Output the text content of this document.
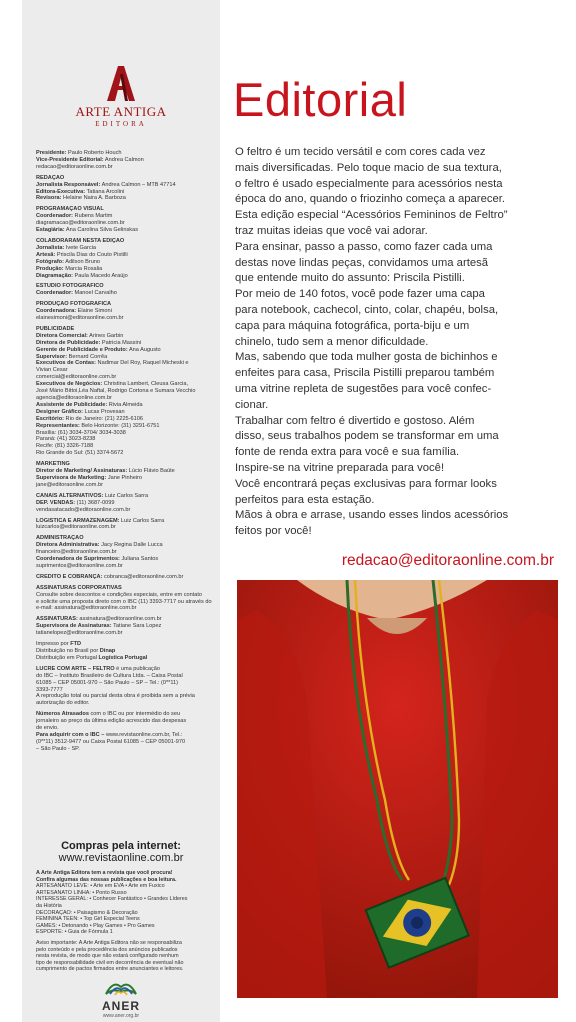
ARTE ANTIGA
EDITORA
Presidente: Paulo Roberto Houch
Vice-Presidente Editorial: Andrea Calmon
redacao@editoraonline.com.br
REDAÇÃO
Jornalista Responsável: Andrea Calmon – MTB 47714
Editora-Executiva: Tatiana Arcolini
Revisora: Helaine Naira A. Barboza
PROGRAMAÇÃO VISUAL
Coordenador: Rubens Martim
diagramacao@editoraonline.com.br
Estagiária: Ana Carolina Silva Gelinskas
COLABORARAM NESTA EDIÇÃO
Jornalista: Ivete Garcia
Artesã: Priscila Dias do Couto Pistilli
Fotógrafo: Adilson Bruno
Produção: Marcia Rosalia
Diagramação: Paula Macedo Araújo
ESTÚDIO FOTOGRÁFICO
Coordenador: Manoel Carvalho
PRODUÇÃO FOTOGRÁFICA
Coordenadora: Elaine Simoni
elainesimoni@editoraonline.com.br
PUBLICIDADE
Diretora Comercial: Arines Garbin
Diretora de Publicidade: Patricia Massini
Gerente de Publicidade e Produto: Ana Augusto
Supervisor: Bernard Corrêa
Executivos de Contas: Nadimar Del Roy, Raquel Micheski e
Vivian Cesar
comercial@editoraonline.com.br
Executivos de Negócios: Christina Lambert, Cleusa Garcia,
José Mário Bittoi,Léa Naftal, Rodrigo Cortona e Sumara Vecchio
agencia@editoraonline.com.br
Assistente de Publicidade: Rivia Almeida
Designer Gráfico: Lucas Provesan
Escritório: Rio de Janeiro: (21) 2225-6106
Representantes: Belo Horizonte: (31) 3291-6751
Brasília: (61) 3034-3704/ 3034-3038
Paraná: (41) 3023-8238
Recife: (81) 3326-7188
Rio Grande do Sul: (51) 3374-5672
MARKETING
Diretor de Marketing/ Assinaturas: Lúcio Flávio Baúte
Supervisora de Marketing: Jane Pinheiro
jane@editoraonline.com.br
CANAIS ALTERNATIVOS: Luiz Carlos Sarra
DEP. VENDAS: (11) 3687-0099
vendasatacado@editoraonline.com.br
LOGÍSTICA E ARMAZENAGEM: Luiz Carlos Sarra
luizcarlos@editoraonline.com.br
ADMINISTRAÇÃO
Diretora Administrativa: Jacy Regina Dalle Lucca
financeiro@editoraonline.com.br
Coordenadora de Suprimentos: Juliana Santos
suprimentos@editoraonline.com.br
CRÉDITO E COBRANÇA: cobranca@editoraonline.com.br
ASSINATURAS CORPORATIVAS
Consulte sobre descontos e condições especiais, entre em contato
e solicite uma proposta direto com o IBC (11) 3393-7717 ou através do
e-mail: assinatura@editoraonline.com.br
ASSINATURAS: assinatura@editoraonline.com.br
Supervisora de Assinaturas: Tatiane Sara Lopez
tatianelopez@editoraonline.com.br
Impresso por FTD
Distribuição no Brasil por Dinap
Distribuição em Portugal Logística Portugal
LUCRE COM ARTE – FELTRO é uma publicação
do IBC – Instituto Brasileiro de Cultura Ltda. – Caixa Postal
61085 – CEP 05001-970 – São Paulo – SP – Tel.: (0**11)
3393-7777
A reprodução total ou parcial desta obra é proibida sem a prévia
autorização do editor.
Números Atrasados com o IBC ou por intermédio do seu
jornaleiro ao preço da última edição acrescido das despesas
de envio.
Para adquirir com o IBC – www.revistaonline.com.br, Tel.:
(0**11) 3512-9477 ou Caixa Postal 61085 – CEP 05001-970
– São Paulo - SP.
Compras pela internet:
www.revistaonline.com.br
A Arte Antiga Editora tem a revista que você procura!
Confira algumas das nossas publicações e boa leitura.
ARTESANATO LEVE: • Arte em EVA • Arte em Fuxico
ARTESANATO LINHA: • Ponto Russo
INTERESSE GERAL: • Conhecer Fantástico • Grandes Líderes
da História
DECORAÇÃO: • Paisagismo & Decoração
FEMININA TEEN: • Top Girl Especial Teens
GAMES: • Detonando • Play Games • Pro Games
ESPORTE: • Guia de Fórmula 1
Aviso importante: A Arte Antiga Editora não se responsabiliza
pelo conteúdo e pela procedência dos anúncios publicados
nesta revista, de modo que não estará configurado nenhum
tipo de responsabilidade civil em decorrência de eventual não
cumprimento de pactos firmados entre anunciantes e leitores.
ANER
www.aner.org.br
Editorial
O feltro é um tecido versátil e com cores cada vez
mais diversificadas. Pelo toque macio de sua textura,
o feltro é usado especialmente para acessórios nesta
época do ano, quando o friozinho começa a aparecer.
Esta edição especial “Acessórios Femininos de Feltro”
traz muitas ideias que você vai adorar.
Para ensinar, passo a passo, como fazer cada uma
destas nove lindas peças, convidamos uma artesã
que entende muito do assunto: Priscila Pistilli.
Por meio de 140 fotos, você pode fazer uma capa
para notebook, cachecol, cinto, colar, chapéu, bolsa,
capa para máquina fotográfica, porta-biju e um
chinelo, tudo sem a menor dificuldade.
Mas, sabendo que toda mulher gosta de bichinhos e
enfeites para casa, Priscila Pistilli preparou também
uma vitrine repleta de sugestões para você confec-
cionar.
Trabalhar com feltro é divertido e gostoso. Além
disso, seus trabalhos podem se transformar em uma
fonte de renda extra para você e sua família.
Inspire-se na vitrine preparada para você!
Você encontrará peças exclusivas para formar looks
perfeitos para esta estação.
Mãos à obra e arrase, usando esses lindos acessórios
feitos por você!
redacao@editoraonline.com.br
